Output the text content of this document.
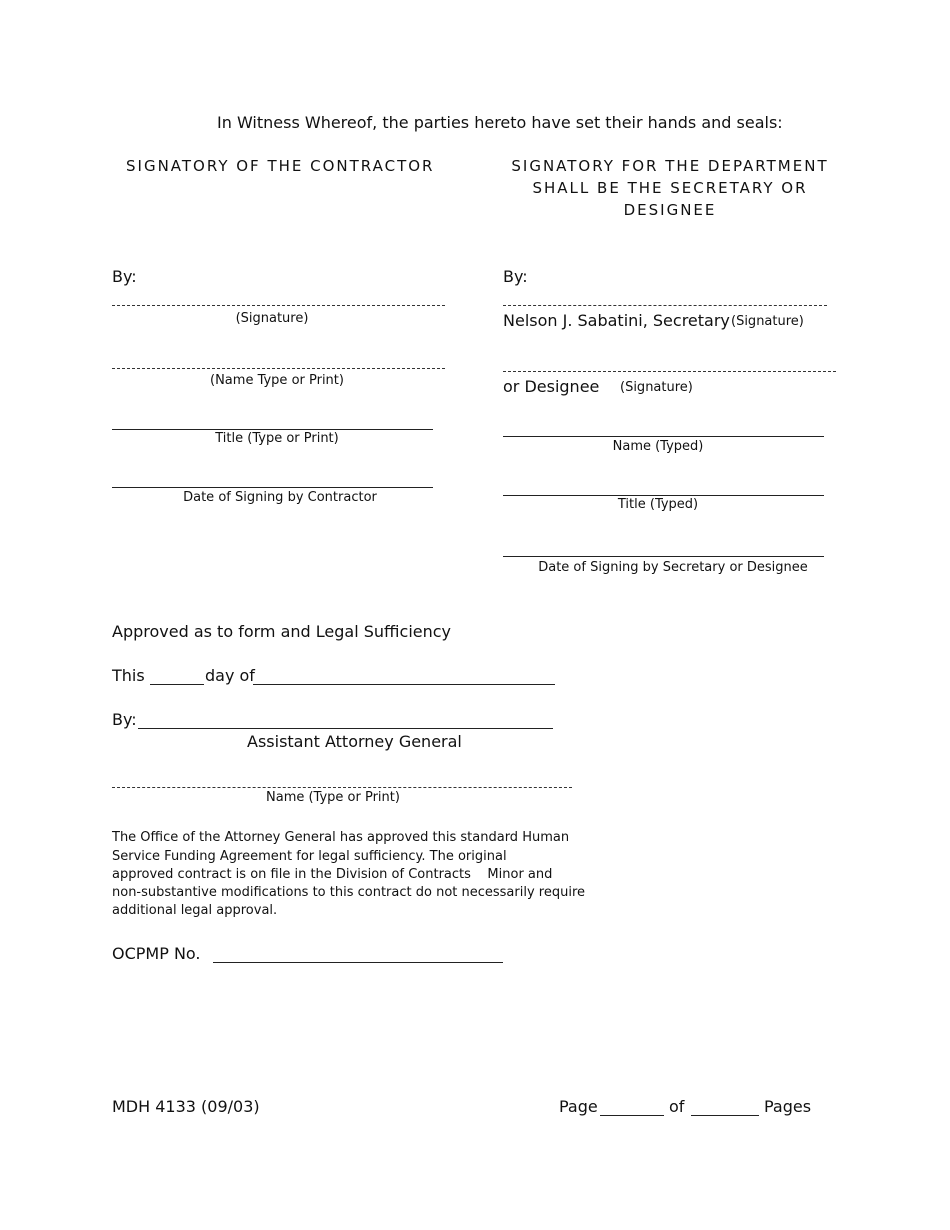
In Witness Whereof, the parties hereto have set their hands and seals:
SIGNATORY OF THE CONTRACTOR
By:
(Signature)
(Name Type or Print)
Title (Type or Print)
Date of Signing by Contractor
SIGNATORY FOR THE DEPARTMENT
SHALL BE THE SECRETARY OR
DESIGNEE
By:
Nelson J. Sabatini, Secretary (Signature)
or Designee (Signature)
Name (Typed)
Title (Typed)
Date of Signing by Secretary or Designee
Approved as to form and Legal Sufficiency
This	day of
By:
Assistant Attorney General
Name (Type or Print)
The Office of the Attorney General has approved this standard Human
Service Funding Agreement for legal sufficiency. The original
approved contract is on file in the Division of Contracts    Minor and
non-substantive modifications to this contract do not necessarily require
additional legal approval.
OCPMP No.
MDH 4133 (09/03)	Page	of	Pages
